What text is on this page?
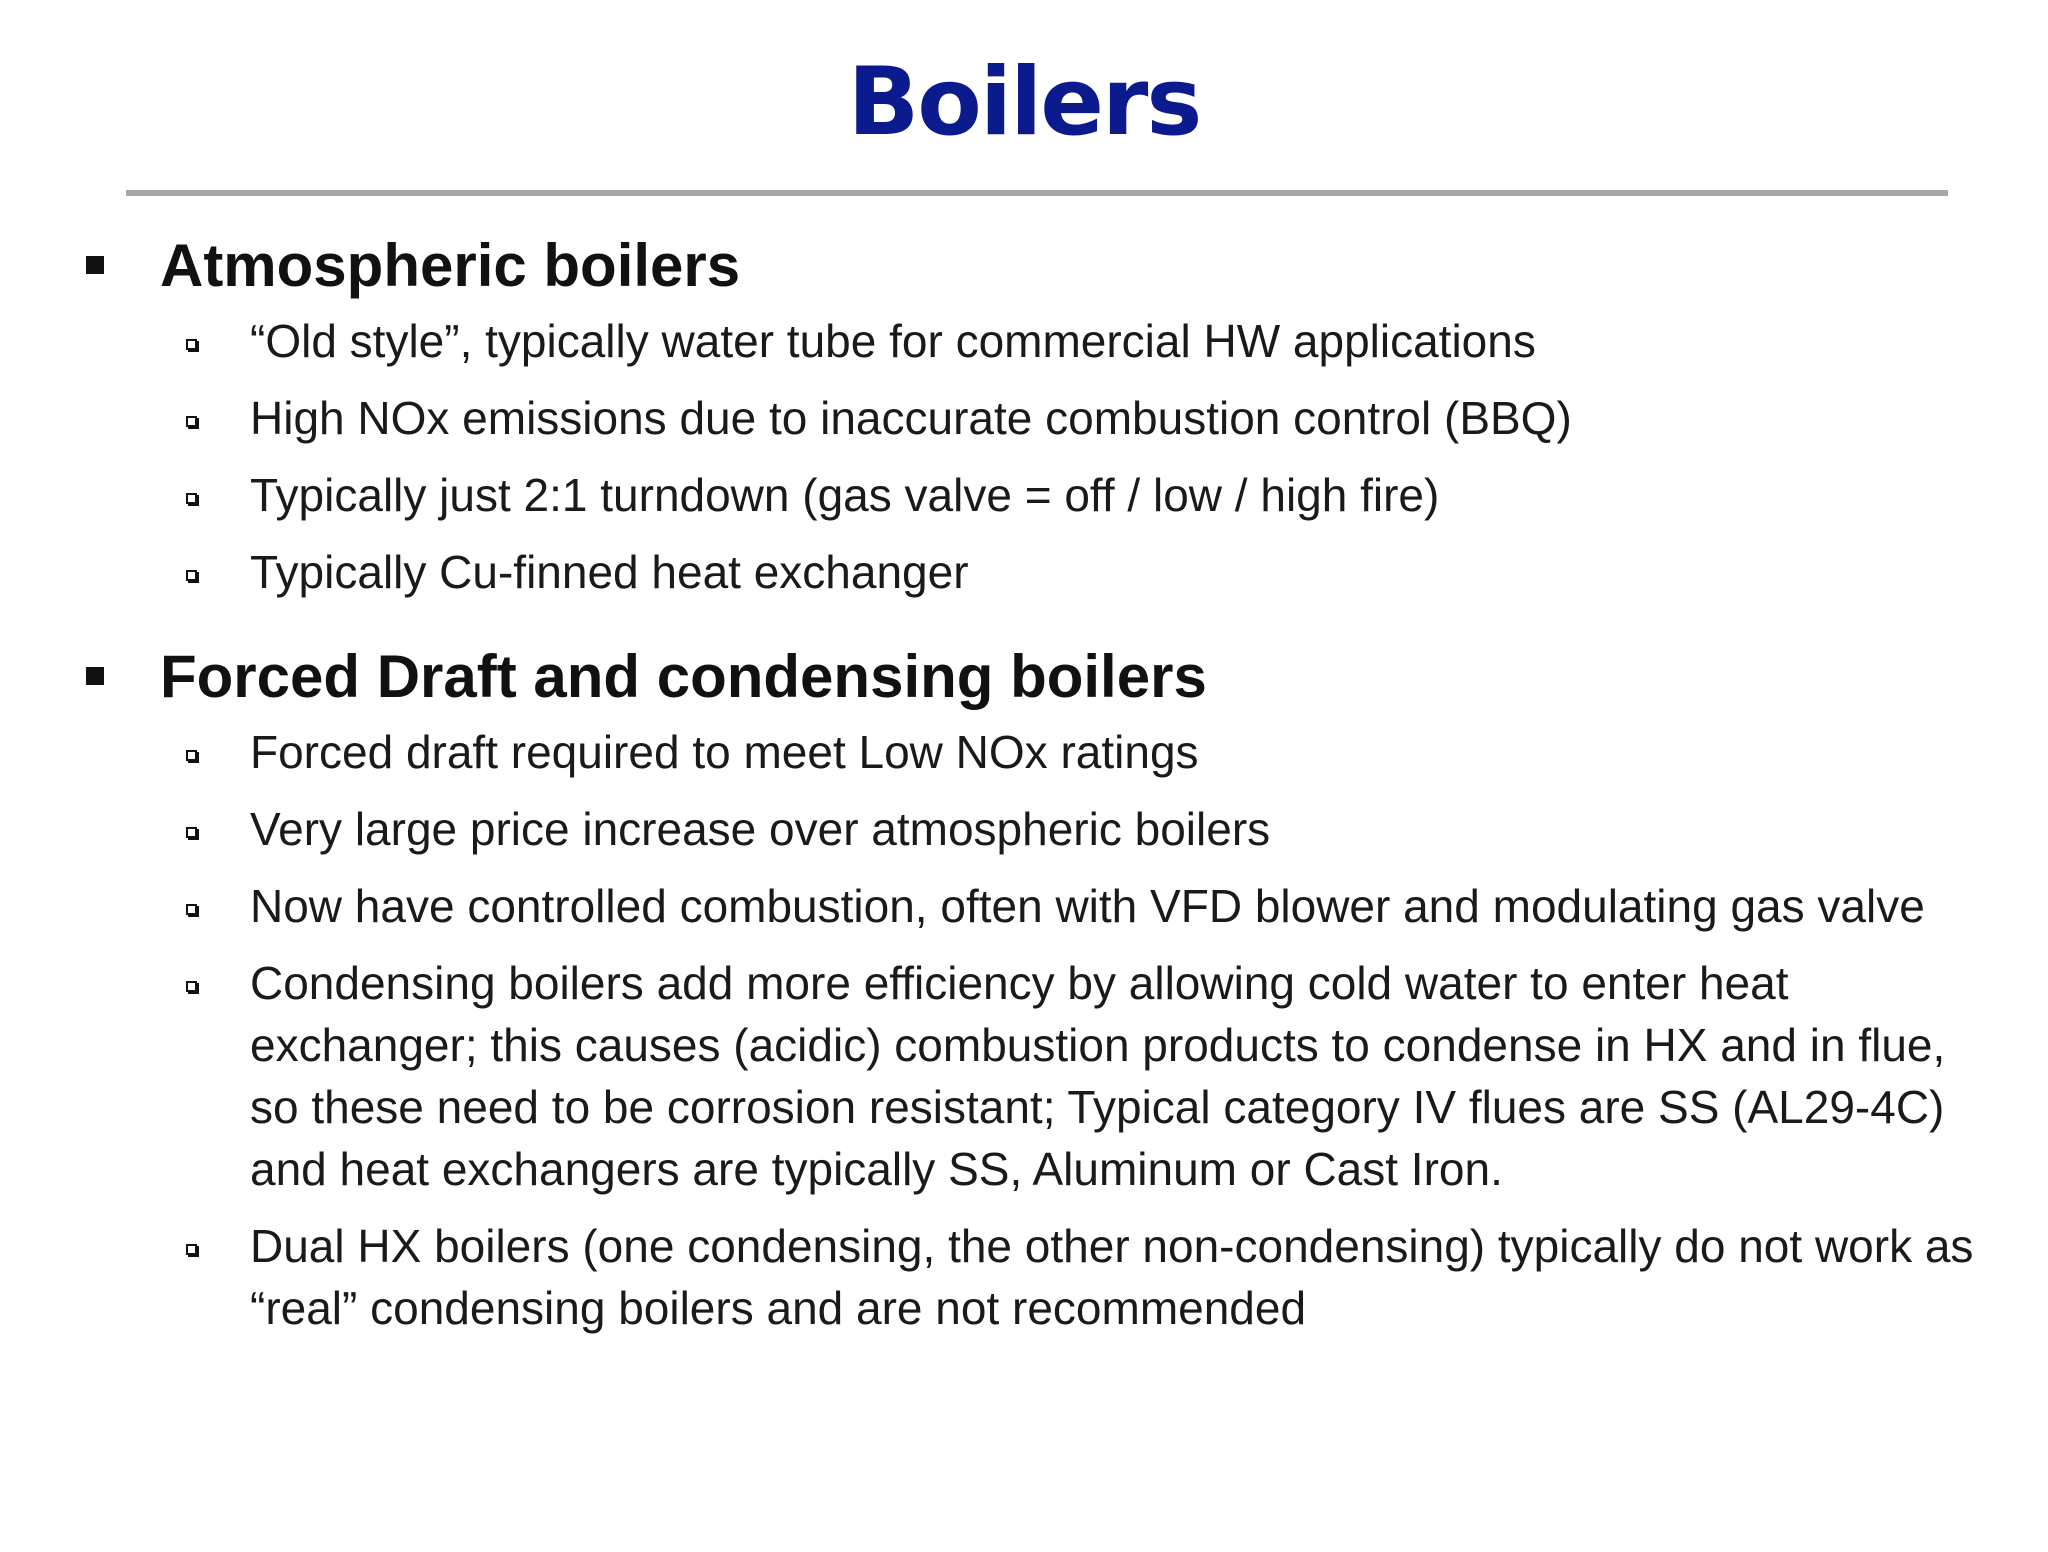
Boilers
Atmospheric boilers
“Old style”, typically water tube for commercial HW applications
High NOx emissions due to inaccurate combustion control (BBQ)
Typically just 2:1 turndown (gas valve = off / low / high fire)
Typically Cu-finned heat exchanger
Forced Draft and condensing boilers
Forced draft required to meet Low NOx ratings
Very large price increase over atmospheric boilers
Now have controlled combustion, often with VFD blower and modulating gas valve
Condensing boilers add more efficiency by allowing cold water to enter heat exchanger; this causes (acidic) combustion products to condense in HX and in flue, so these need to be corrosion resistant; Typical category IV flues are SS (AL29-4C) and heat exchangers are typically SS, Aluminum or Cast Iron.
Dual HX boilers (one condensing, the other non-condensing) typically do not work as “real” condensing boilers and are not recommended
